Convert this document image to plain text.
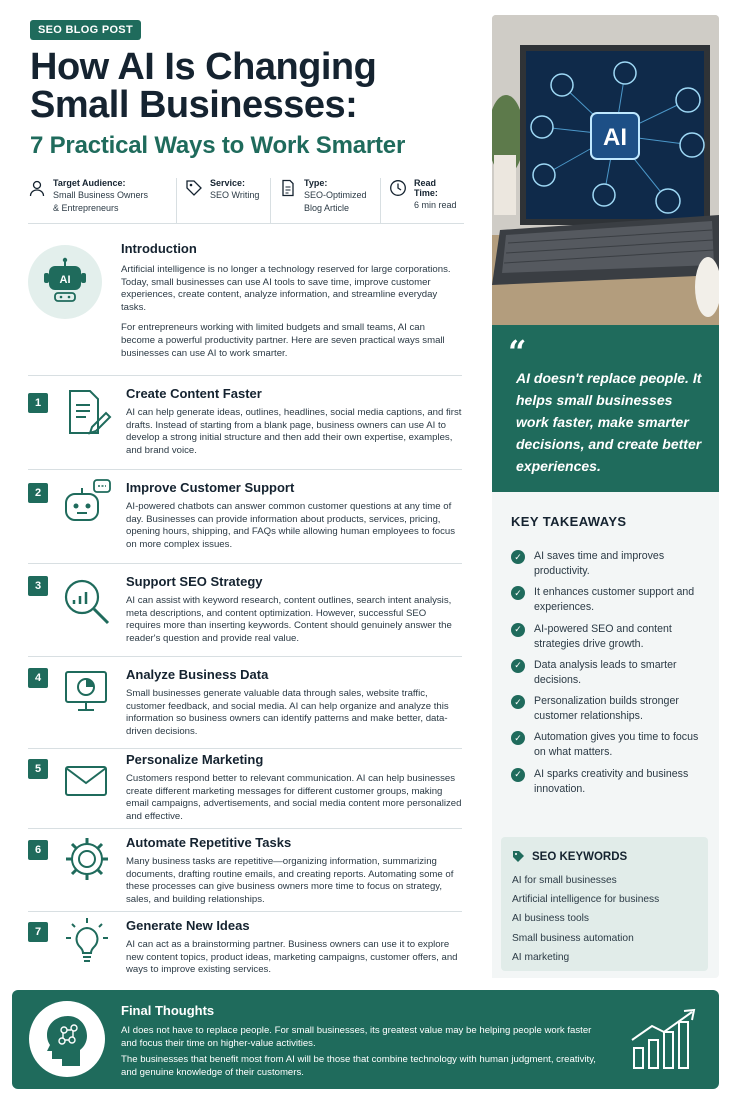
SEO BLOG POST
How AI Is Changing Small Businesses:
7 Practical Ways to Work Smarter
Target Audience:
Small Business Owners & Entrepreneurs
Service:
SEO Writing
Type:
SEO-Optimized Blog Article
Read Time:
6 min read
AI
Introduction

Artificial intelligence is no longer a technology reserved for large corporations. Today, small businesses can use AI tools to save time, improve customer experiences, create content, analyze information, and streamline everyday tasks.

For entrepreneurs working with limited budgets and small teams, AI can become a powerful productivity partner. Here are seven practical ways small businesses can use AI to work smarter.

1
Create Content Faster

AI can help generate ideas, outlines, headlines, social media captions, and first drafts. Instead of starting from a blank page, business owners can use AI to develop a strong initial structure and then add their own expertise, examples, and brand voice.

2	Improve Customer Support

AI-powered chatbots can answer common customer questions at any time of day. Businesses can provide information about products, services, pricing, opening hours, shipping, and FAQs while allowing human employees to focus on more complex issues.

3	Support SEO Strategy

AI can assist with keyword research, content outlines, search intent analysis, meta descriptions, and content optimization. However, successful SEO requires more than inserting keywords. Content should genuinely answer the reader's question and provide real value.

4	Analyze Business Data

Small businesses generate valuable data through sales, website traffic, customer feedback, and social media. AI can help organize and analyze this information so business owners can identify patterns and make better, data-driven decisions.

5
Personalize Marketing

Customers respond better to relevant communication. AI can help businesses create different marketing messages for different customer groups, making email campaigns, advertisements, and social media content more personalized and effective.

6	Automate Repetitive Tasks

Many business tasks are repetitive—organizing information, summarizing documents, drafting routine emails, and creating reports. Automating some of these processes can give business owners more time to focus on strategy, sales, and building relationships.

7	Generate New Ideas

AI can act as a brainstorming partner. Business owners can use it to explore new content topics, product ideas, marketing campaigns, customer offers, and ways to improve existing services.

AI
“
AI doesn't replace people. It helps small businesses work faster, make smarter decisions, and create better experiences.
KEY TAKEAWAYS
✓	AI saves time and improves productivity.
✓	It enhances customer support and experiences.
✓	AI-powered SEO and content strategies drive growth.
✓	Data analysis leads to smarter decisions.
✓	Personalization builds stronger customer relationships.
✓	Automation gives you time to focus on what matters.
✓	AI sparks creativity and business innovation.
SEO KEYWORDS
AI for small businesses
Artificial intelligence for business
AI business tools
Small business automation
AI marketing
Final Thoughts

AI does not have to replace people. For small businesses, its greatest value may be helping people work faster and focus their time on higher-value activities.

The businesses that benefit most from AI will be those that combine technology with human judgment, creativity, and genuine knowledge of their customers.
